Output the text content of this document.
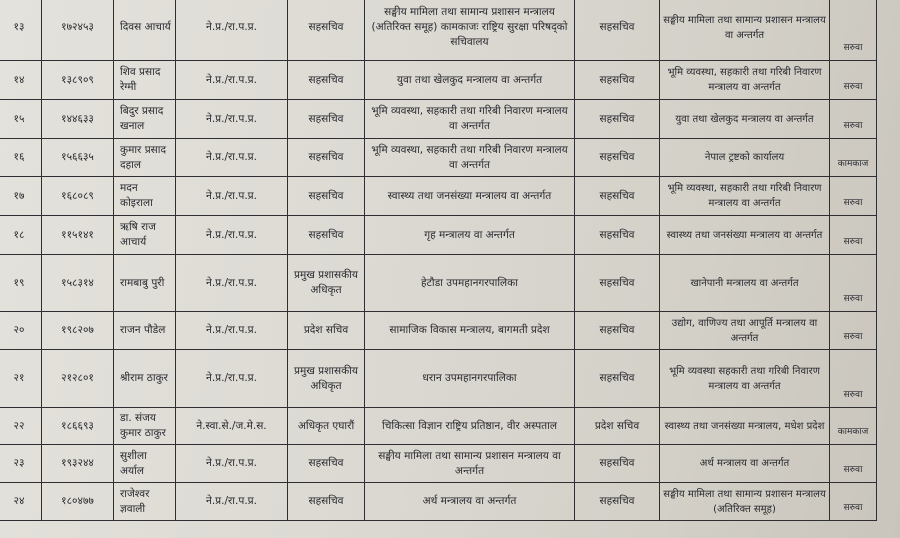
१३	१७२४५३	दिवस आचार्य	ने.प्र./रा.प.प्र.	सहसचिव	सङ्घीय मामिला तथा सामान्य प्रशासन मन्त्रालय (अतिरिक्त समूह) कामकाजः राष्ट्रिय सुरक्षा परिषद्को सचिवालय	सहसचिव	सङ्घीय मामिला तथा सामान्य प्रशासन मन्त्रालय वा अन्तर्गत	सरुवा
१४	१३८९०९	शिव प्रसाद रेग्मी	ने.प्र./रा.प.प्र.	सहसचिव	युवा तथा खेलकुद मन्त्रालय वा अन्तर्गत	सहसचिव	भूमि व्यवस्था, सहकारी तथा गरिबी निवारण मन्त्रालय वा अन्तर्गत	सरुवा
१५	१४४६३३	बिदुर प्रसाद खनाल	ने.प्र./रा.प.प्र.	सहसचिव	भूमि व्यवस्था, सहकारी तथा गरिबी निवारण मन्त्रालय वा अन्तर्गत	सहसचिव	युवा तथा खेलकुद मन्त्रालय वा अन्तर्गत	सरुवा
१६	१५६६३५	कुमार प्रसाद दहाल	ने.प्र./रा.प.प्र.	सहसचिव	भूमि व्यवस्था, सहकारी तथा गरिबी निवारण मन्त्रालय वा अन्तर्गत	सहसचिव	नेपाल ट्रष्टको कार्यालय	कामकाज
१७	१६८०८९	मदन कोइराला	ने.प्र./रा.प.प्र.	सहसचिव	स्वास्थ्य तथा जनसंख्या मन्त्रालय वा अन्तर्गत	सहसचिव	भूमि व्यवस्था, सहकारी तथा गरिबी निवारण मन्त्रालय वा अन्तर्गत	सरुवा
१८	११५१४१	ऋषि राज आचार्य	ने.प्र./रा.प.प्र.	सहसचिव	गृह मन्त्रालय वा अन्तर्गत	सहसचिव	स्वास्थ्य तथा जनसंख्या मन्त्रालय वा अन्तर्गत	सरुवा
१९	१५८३१४	रामबाबु पुरी	ने.प्र./रा.प.प्र.	प्रमुख प्रशासकीय अधिकृत	हेटौडा उपमहानगरपालिका	सहसचिव	खानेपानी मन्त्रालय वा अन्तर्गत	सरुवा
२०	१९८२०७	राजन पौडेल	ने.प्र./रा.प.प्र.	प्रदेश सचिव	सामाजिक विकास मन्त्रालय, बागमती प्रदेश	सहसचिव	उद्योग, वाणिज्य तथा आपूर्ति मन्त्रालय वा अन्तर्गत	सरुवा
२१	२१२८०१	श्रीराम ठाकुर	ने.प्र./रा.प.प्र.	प्रमुख प्रशासकीय अधिकृत	धरान उपमहानगरपालिका	सहसचिव	भूमि व्यवस्था सहकारी तथा गरिबी निवारण मन्त्रालय वा अन्तर्गत	सरुवा
२२	१८६६९३	डा. संजय कुमार ठाकुर	ने.स्वा.से./ज.मे.स.	अधिकृत एघारौं	चिकित्सा विज्ञान राष्ट्रिय प्रतिष्ठान, वीर अस्पताल	प्रदेश सचिव	स्वास्थ्य तथा जनसंख्या मन्त्रालय, मधेश प्रदेश	कामकाज
२३	१९३२४४	सुशीला अर्याल	ने.प्र./रा.प.प्र.	सहसचिव	सङ्घीय मामिला तथा सामान्य प्रशासन मन्त्रालय वा अन्तर्गत	सहसचिव	अर्थ मन्त्रालय वा अन्तर्गत	सरुवा
२४	१८०४७७	राजेश्वर ज्ञवाली	ने.प्र./रा.प.प्र.	सहसचिव	अर्थ मन्त्रालय वा अन्तर्गत	सहसचिव	सङ्घीय मामिला तथा सामान्य प्रशासन मन्त्रालय (अतिरिक्त समूह)	सरुवा
